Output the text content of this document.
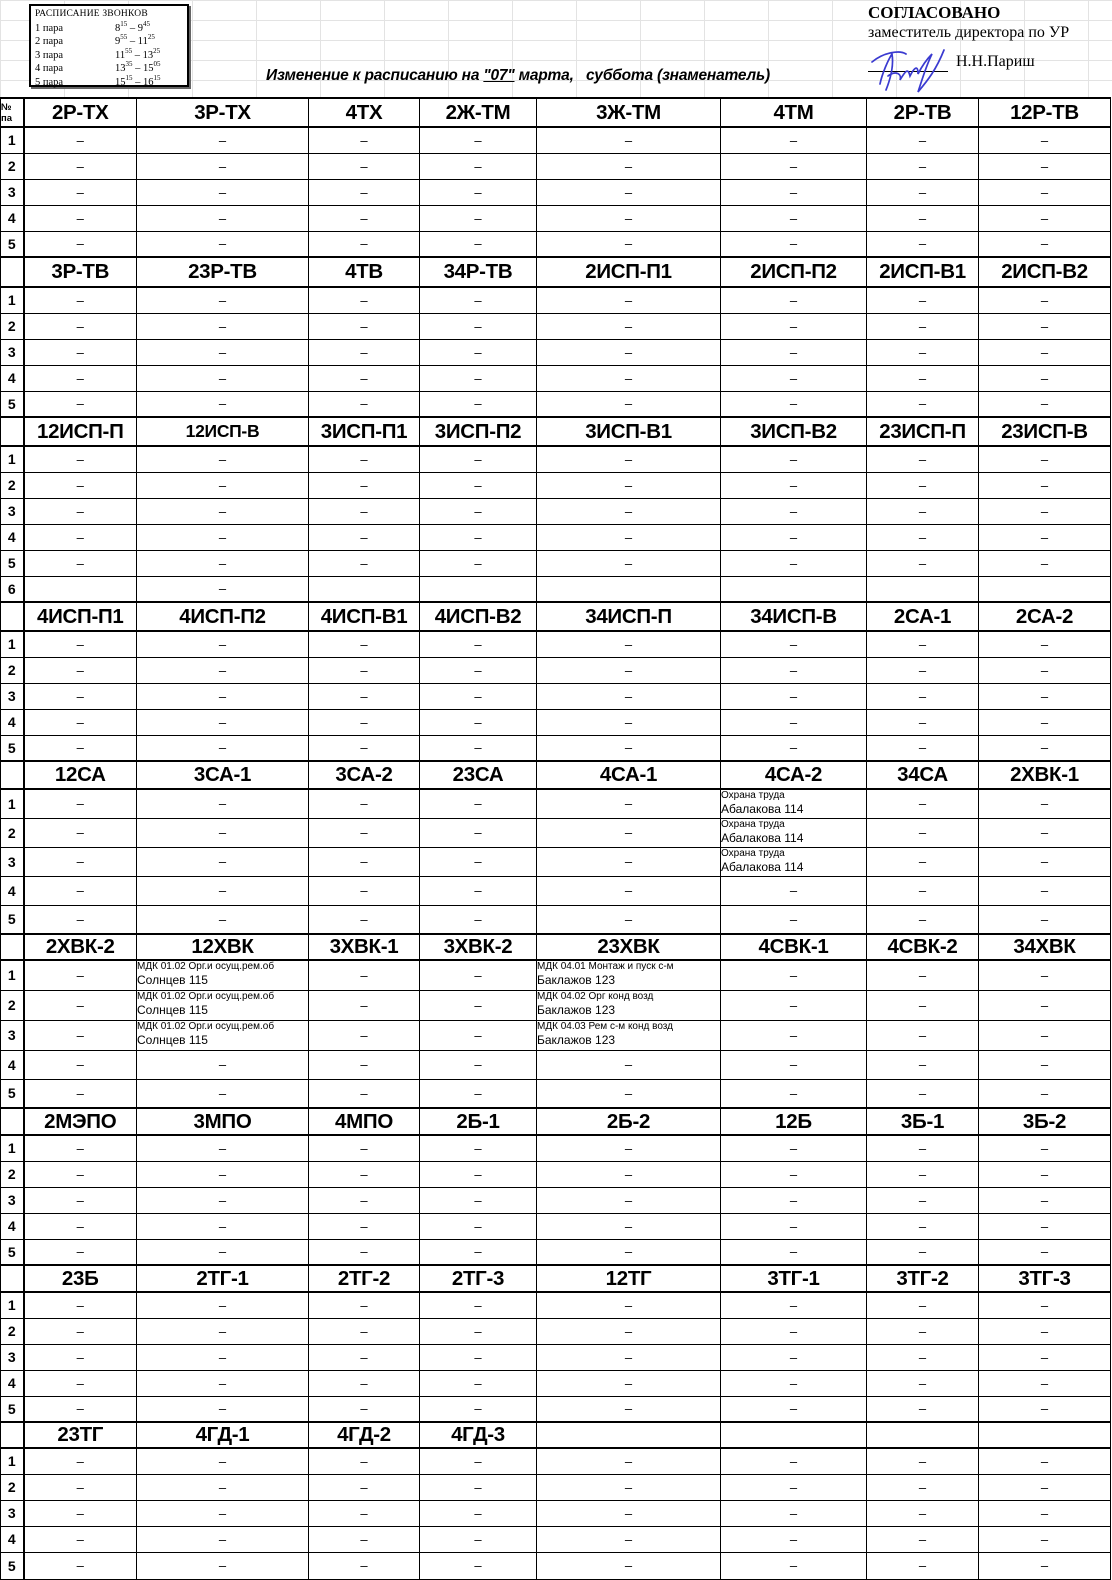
РАСПИСАНИЕ ЗВОНКОВ
1 пара	$8^{15} - 9^{45}$
2 пара	$9^{55} - 11^{25}$
3 пара	$11^{55} - 13^{25}$
4 пара	$13^{35} - 15^{05}$
5 пара	$15^{15} - 16^{15}$	Изменение к расписанию на "07" марта,   суббота (знаменатель)
СОГЛАСОВАНО
заместитель директора по УР
Н.Н.Париш
№ па	2Р-ТХ	3Р-ТХ	4ТХ	2Ж-ТМ	3Ж-ТМ	4ТМ	2Р-ТВ	12Р-ТВ
1	–	–	–	–	–	–	–	–
2	–	–	–	–	–	–	–	–
3	–	–	–	–	–	–	–	–
4	–	–	–	–	–	–	–	–
5	–	–	–	–	–	–	–	–
	3Р-ТВ	23Р-ТВ	4ТВ	34Р-ТВ	2ИСП-П1	2ИСП-П2	2ИСП-В1	2ИСП-В2
1	–	–	–	–	–	–	–	–
2	–	–	–	–	–	–	–	–
3	–	–	–	–	–	–	–	–
4	–	–	–	–	–	–	–	–
5	–	–	–	–	–	–	–	–
	12ИСП-П	12ИСП-В	3ИСП-П1	3ИСП-П2	3ИСП-В1	3ИСП-В2	23ИСП-П	23ИСП-В
1	–	–	–	–	–	–	–	–
2	–	–	–	–	–	–	–	–
3	–	–	–	–	–	–	–	–
4	–	–	–	–	–	–	–	–
5	–	–	–	–	–	–	–	–
6		–						
	4ИСП-П1	4ИСП-П2	4ИСП-В1	4ИСП-В2	34ИСП-П	34ИСП-В	2СА-1	2СА-2
1	–	–	–	–	–	–	–	–
2	–	–	–	–	–	–	–	–
3	–	–	–	–	–	–	–	–
4	–	–	–	–	–	–	–	–
5	–	–	–	–	–	–	–	–
	12СА	3СА-1	3СА-2	23СА	4СА-1	4СА-2	34СА	2ХВК-1
1	–	–	–	–	–	Охрана труда
Абалакова 114	–	–
2	–	–	–	–	–	Охрана труда
Абалакова 114	–	–
3	–	–	–	–	–	Охрана труда
Абалакова 114	–	–
4	–	–	–	–	–	–	–	–
5	–	–	–	–	–	–	–	–
	2ХВК-2	12ХВК	3ХВК-1	3ХВК-2	23ХВК	4СВК-1	4СВК-2	34ХВК
1	–	МДК 01.02 Орг.и осущ.рем.об
Солнцев 115	–	–	МДК 04.01 Монтаж и пуск с-м
Баклажов 123	–	–	–
2	–	МДК 01.02 Орг.и осущ.рем.об
Солнцев 115	–	–	МДК 04.02 Орг конд возд
Баклажов 123	–	–	–
3	–	МДК 01.02 Орг.и осущ.рем.об
Солнцев 115	–	–	МДК 04.03 Рем с-м конд возд
Баклажов 123	–	–	–
4	–	–	–	–	–	–	–	–
5	–	–	–	–	–	–	–	–
	2МЭПО	3МПО	4МПО	2Б-1	2Б-2	12Б	3Б-1	3Б-2
1	–	–	–	–	–	–	–	–
2	–	–	–	–	–	–	–	–
3	–	–	–	–	–	–	–	–
4	–	–	–	–	–	–	–	–
5	–	–	–	–	–	–	–	–
	23Б	2ТГ-1	2ТГ-2	2ТГ-3	12ТГ	3ТГ-1	3ТГ-2	3ТГ-3
1	–	–	–	–	–	–	–	–
2	–	–	–	–	–	–	–	–
3	–	–	–	–	–	–	–	–
4	–	–	–	–	–	–	–	–
5	–	–	–	–	–	–	–	–
	23ТГ	4ГД-1	4ГД-2	4ГД-3				
1	–	–	–	–	–	–	–	–
2	–	–	–	–	–	–	–	–
3	–	–	–	–	–	–	–	–
4	–	–	–	–	–	–	–	–
5	–	–	–	–	–	–	–	–
